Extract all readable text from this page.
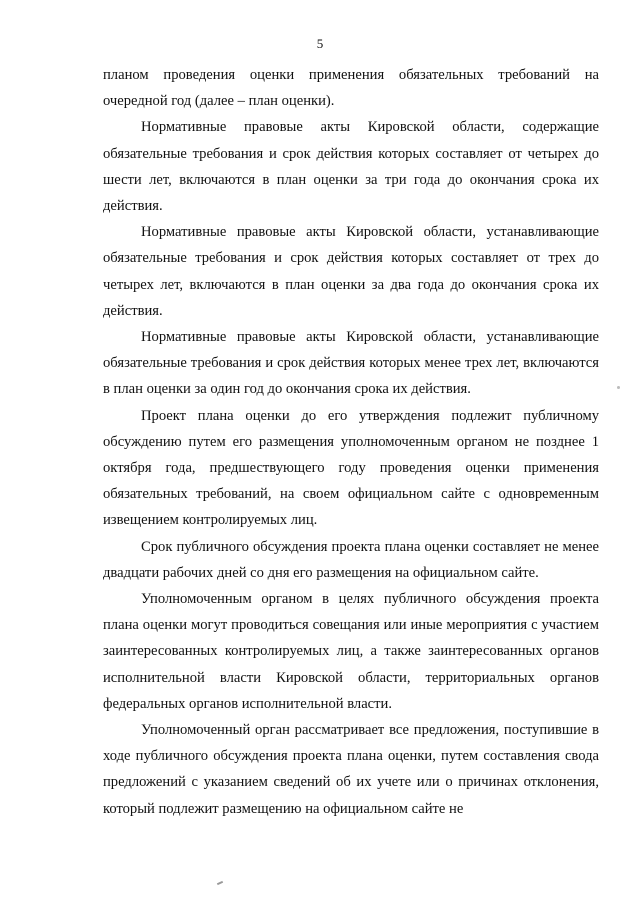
5

планом проведения оценки применения обязательных требований на очередной год (далее – план оценки).

Нормативные правовые акты Кировской области, содержащие обязательные требования и срок действия которых составляет от четырех до шести лет, включаются в план оценки за три года до окончания срока их действия.

Нормативные правовые акты Кировской области, устанавливающие обязательные требования и срок действия которых составляет от трех до четырех лет, включаются в план оценки за два года до окончания срока их действия.

Нормативные правовые акты Кировской области, устанавливающие обязательные требования и срок действия которых менее трех лет, включаются в план оценки за один год до окончания срока их действия.

Проект плана оценки до его утверждения подлежит публичному обсуждению путем его размещения уполномоченным органом не позднее 1 октября года, предшествующего году проведения оценки применения обязательных требований, на своем официальном сайте с одновременным извещением контролируемых лиц.

Срок публичного обсуждения проекта плана оценки составляет не менее двадцати рабочих дней со дня его размещения на официальном сайте.

Уполномоченным органом в целях публичного обсуждения проекта плана оценки могут проводиться совещания или иные мероприятия с участием заинтересованных контролируемых лиц, а также заинтересованных органов исполнительной власти Кировской области, территориальных органов федеральных органов исполнительной власти.

Уполномоченный орган рассматривает все предложения, поступившие в ходе публичного обсуждения проекта плана оценки, путем составления свода предложений с указанием сведений об их учете или о причинах отклонения, который подлежит размещению на официальном сайте не
